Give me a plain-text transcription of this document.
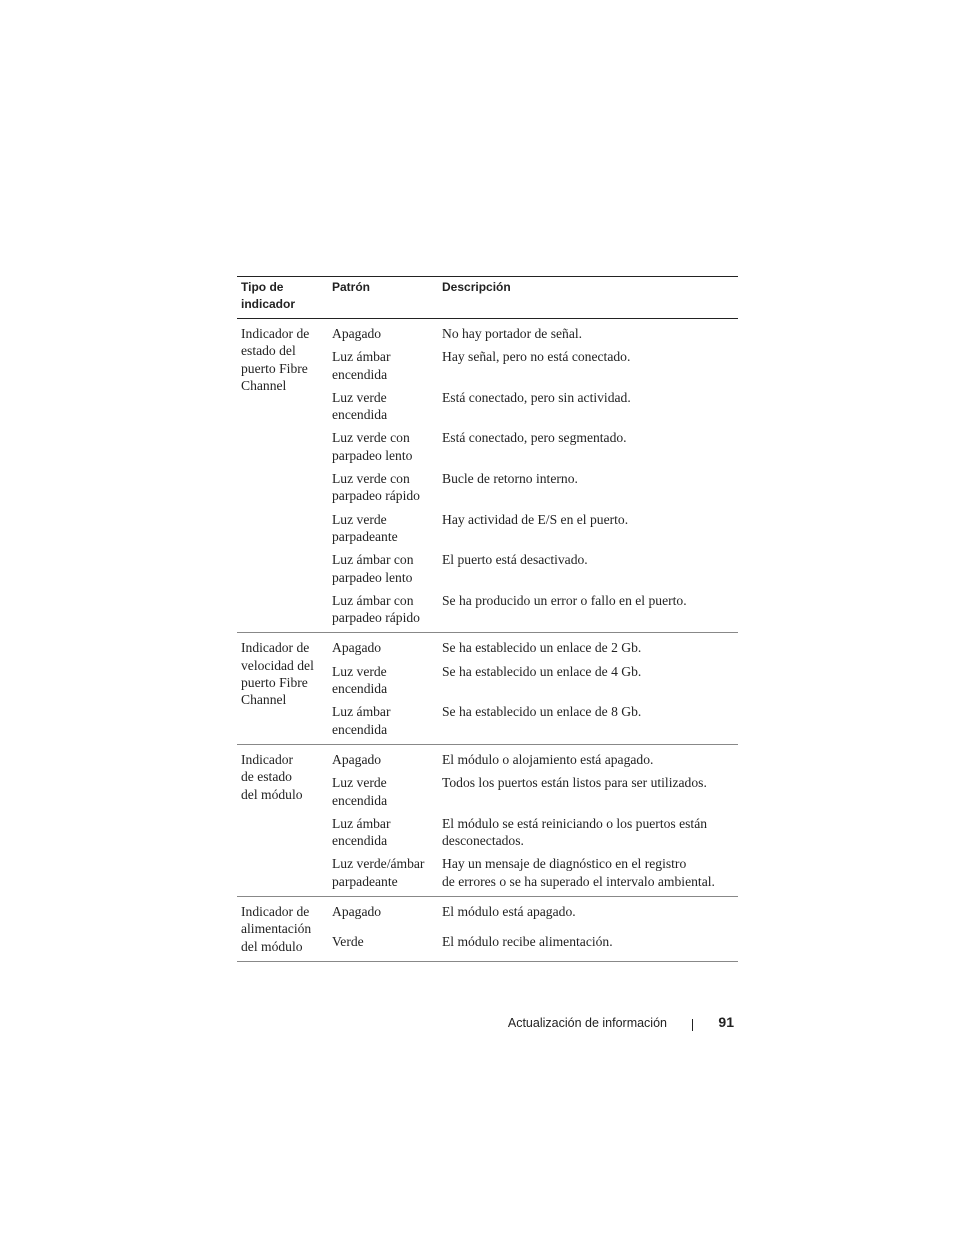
Tipo de
indicador	Patrón	Descripción
Indicador de estado del puerto Fibre Channel	Apagado	No hay portador de señal.
	Luz ámbar encendida	Hay señal, pero no está conectado.
	Luz verde encendida	Está conectado, pero sin actividad.
	Luz verde con parpadeo lento	Está conectado, pero segmentado.
	Luz verde con parpadeo rápido	Bucle de retorno interno.
	Luz verde parpadeante	Hay actividad de E/S en el puerto.
	Luz ámbar con parpadeo lento	El puerto está desactivado.
	Luz ámbar con parpadeo rápido	Se ha producido un error o fallo en el puerto.
Indicador de velocidad del puerto Fibre Channel	Apagado	Se ha establecido un enlace de 2 Gb.
	Luz verde encendida	Se ha establecido un enlace de 4 Gb.
	Luz ámbar encendida	Se ha establecido un enlace de 8 Gb.
Indicador
de estado
del módulo	Apagado	El módulo o alojamiento está apagado.
	Luz verde encendida	Todos los puertos están listos para ser utilizados.
	Luz ámbar encendida	El módulo se está reiniciando o los puertos están desconectados.
	Luz verde/ámbar parpadeante	Hay un mensaje de diagnóstico en el registro
de errores o se ha superado el intervalo ambiental.
Indicador de alimentación del módulo	Apagado	El módulo está apagado.
	Verde	El módulo recibe alimentación.
Actualización de información	91
